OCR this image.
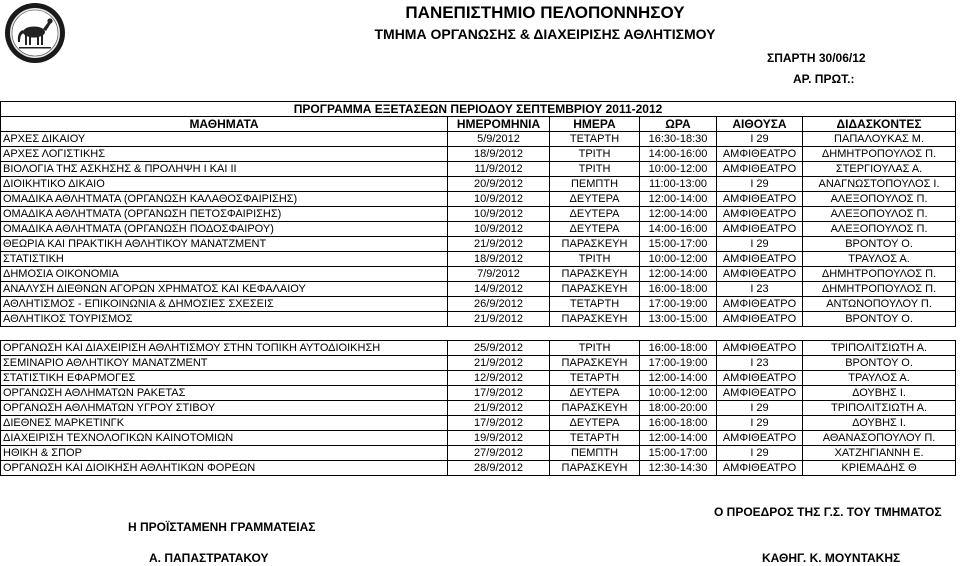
ΠΑΝΕΠΙΣΤΗΜΙΟ ΠΕΛΟΠΟΝΝΗΣΟΥ
ΤΜΗΜΑ ΟΡΓΑΝΩΣΗΣ & ΔΙΑΧΕΙΡΙΣΗΣ ΑΘΛΗΤΙΣΜΟΥ
ΣΠΑΡΤΗ 30/06/12
ΑΡ. ΠΡΩΤ.:
ΠΡΟΓΡΑΜΜΑ ΕΞΕΤΑΣΕΩΝ ΠΕΡΙΟΔΟΥ ΣΕΠΤΕΜΒΡΙΟΥ 2011-2012					
ΜΑΘΗΜΑΤΑ	ΗΜΕΡΟΜΗΝΙΑ	ΗΜΕΡΑ	ΩΡΑ	ΑΙΘΟΥΣΑ	ΔΙΔΑΣΚΟΝΤΕΣ
ΑΡΧΕΣ ΔΙΚΑΙΟΥ	5/9/2012	ΤΕΤΑΡΤΗ	16:30-18:30	Ι 29	ΠΑΠΑΛΟΥΚΑΣ Μ.
ΑΡΧΕΣ ΛΟΓΙΣΤΙΚΗΣ	18/9/2012	ΤΡΙΤΗ	14:00-16:00	ΑΜΦΙΘΕΑΤΡΟ	ΔΗΜΗΤΡΟΠΟΥΛΟΣ Π.
ΒΙΟΛΟΓΙΑ ΤΗΣ ΑΣΚΗΣΗΣ & ΠΡΟΛΗΨΗ Ι ΚΑΙ ΙΙ	11/9/2012	ΤΡΙΤΗ	10:00-12:00	ΑΜΦΙΘΕΑΤΡΟ	ΣΤΕΡΓΙΟΥΛΑΣ Α.
ΔΙΟΙΚΗΤΙΚΟ ΔΙΚΑΙΟ	20/9/2012	ΠΕΜΠΤΗ	11:00-13:00	Ι 29	ΑΝΑΓΝΩΣΤΟΠΟΥΛΟΣ Ι.
ΟΜΑΔΙΚΑ ΑΘΛΗΤΜΑΤΑ (ΟΡΓΑΝΩΣΗ ΚΑΛΑΘΟΣΦΑΙΡΙΣΗΣ)	10/9/2012	ΔΕΥΤΕΡΑ	12:00-14:00	ΑΜΦΙΘΕΑΤΡΟ	ΑΛΕΞΟΠΟΥΛΟΣ Π.
ΟΜΑΔΙΚΑ ΑΘΛΗΤΜΑΤΑ (ΟΡΓΑΝΩΣΗ ΠΕΤΟΣΦΑΙΡΙΣΗΣ)	10/9/2012	ΔΕΥΤΕΡΑ	12:00-14:00	ΑΜΦΙΘΕΑΤΡΟ	ΑΛΕΞΟΠΟΥΛΟΣ Π.
ΟΜΑΔΙΚΑ ΑΘΛΗΤΜΑΤΑ (ΟΡΓΑΝΩΣΗ ΠΟΔΟΣΦΑΙΡΟΥ)	10/9/2012	ΔΕΥΤΕΡΑ	14:00-16:00	ΑΜΦΙΘΕΑΤΡΟ	ΑΛΕΞΟΠΟΥΛΟΣ Π.
ΘΕΩΡΙΑ ΚΑΙ ΠΡΑΚΤΙΚΗ ΑΘΛΗΤΙΚΟΥ ΜΑΝΑΤΖΜΕΝΤ	21/9/2012	ΠΑΡΑΣΚΕΥΗ	15:00-17:00	Ι 29	ΒΡΟΝΤΟΥ Ο.
ΣΤΑΤΙΣΤΙΚΗ	18/9/2012	ΤΡΙΤΗ	10:00-12:00	ΑΜΦΙΘΕΑΤΡΟ	ΤΡΑΥΛΟΣ Α.
ΔΗΜΟΣΙΑ ΟΙΚΟΝΟΜΙΑ	7/9/2012	ΠΑΡΑΣΚΕΥΗ	12:00-14:00	ΑΜΦΙΘΕΑΤΡΟ	ΔΗΜΗΤΡΟΠΟΥΛΟΣ Π.
ΑΝΑΛΥΣΗ ΔΙΕΘΝΩΝ ΑΓΟΡΩΝ ΧΡΗΜΑΤΟΣ ΚΑΙ ΚΕΦΑΛΑΙΟΥ	14/9/2012	ΠΑΡΑΣΚΕΥΗ	16:00-18:00	Ι 23	ΔΗΜΗΤΡΟΠΟΥΛΟΣ Π.
ΑΘΛΗΤΙΣΜΟΣ - ΕΠΙΚΟΙΝΩΝΙΑ & ΔΗΜΟΣΙΕΣ ΣΧΕΣΕΙΣ	26/9/2012	ΤΕΤΑΡΤΗ	17:00-19:00	ΑΜΦΙΘΕΑΤΡΟ	ΑΝΤΩΝΟΠΟΥΛΟΥ Π.
ΑΘΛΗΤΙΚΟΣ ΤΟΥΡΙΣΜΟΣ	21/9/2012	ΠΑΡΑΣΚΕΥΗ	13:00-15:00	ΑΜΦΙΘΕΑΤΡΟ	ΒΡΟΝΤΟΥ Ο.

ΟΡΓΑΝΩΣΗ ΚΑΙ ΔΙΑΧΕΙΡΙΣΗ ΑΘΛΗΤΙΣΜΟΥ ΣΤΗΝ ΤΟΠΙΚΗ ΑΥΤΟΔΙΟΙΚΗΣΗ	25/9/2012	ΤΡΙΤΗ	16:00-18:00	ΑΜΦΙΘΕΑΤΡΟ	ΤΡΙΠΟΛΙΤΣΙΩΤΗ Α.
ΣΕΜΙΝΑΡΙΟ ΑΘΛΗΤΙΚΟΥ ΜΑΝΑΤΖΜΕΝΤ	21/9/2012	ΠΑΡΑΣΚΕΥΗ	17:00-19:00	Ι 23	ΒΡΟΝΤΟΥ Ο.
ΣΤΑΤΙΣΤΙΚΗ ΕΦΑΡΜΟΓΕΣ	12/9/2012	ΤΕΤΑΡΤΗ	12:00-14:00	ΑΜΦΙΘΕΑΤΡΟ	ΤΡΑΥΛΟΣ Α.
ΟΡΓΑΝΩΣΗ ΑΘΛΗΜΑΤΩΝ ΡΑΚΕΤΑΣ	17/9/2012	ΔΕΥΤΕΡΑ	10:00-12:00	ΑΜΦΙΘΕΑΤΡΟ	ΔΟΥΒΗΣ Ι.
ΟΡΓΑΝΩΣΗ ΑΘΛΗΜΑΤΩΝ ΥΓΡΟΥ ΣΤΙΒΟΥ	21/9/2012	ΠΑΡΑΣΚΕΥΗ	18:00-20:00	Ι 29	ΤΡΙΠΟΛΙΤΣΙΩΤΗ Α.
ΔΙΕΘΝΕΣ ΜΑΡΚΕΤΙΝΓΚ	17/9/2012	ΔΕΥΤΕΡΑ	16:00-18:00	Ι 29	ΔΟΥΒΗΣ Ι.
ΔΙΑΧΕΙΡΙΣΗ ΤΕΧΝΟΛΟΓΙΚΩΝ ΚΑΙΝΟΤΟΜΙΩΝ	19/9/2012	ΤΕΤΑΡΤΗ	12:00-14:00	ΑΜΦΙΘΕΑΤΡΟ	ΑΘΑΝΑΣΟΠΟΥΛΟΥ Π.
ΗΘΙΚΗ & ΣΠΟΡ	27/9/2012	ΠΕΜΠΤΗ	15:00-17:00	Ι 29	ΧΑΤΖΗΓΙΑΝΝΗ Ε.
ΟΡΓΑΝΩΣΗ ΚΑΙ ΔΙΟΙΚΗΣΗ ΑΘΛΗΤΙΚΩΝ ΦΟΡΕΩΝ	28/9/2012	ΠΑΡΑΣΚΕΥΗ	12:30-14:30	ΑΜΦΙΘΕΑΤΡΟ	ΚΡΙΕΜΑΔΗΣ Θ
Η ΠΡΟΪΣΤΑΜΕΝΗ ΓΡΑΜΜΑΤΕΙΑΣ
Α. ΠΑΠΑΣΤΡΑΤΑΚΟΥ
Ο ΠΡΟΕΔΡΟΣ ΤΗΣ Γ.Σ. ΤΟΥ ΤΜΗΜΑΤΟΣ
ΚΑΘΗΓ. Κ. ΜΟΥΝΤΑΚΗΣ
